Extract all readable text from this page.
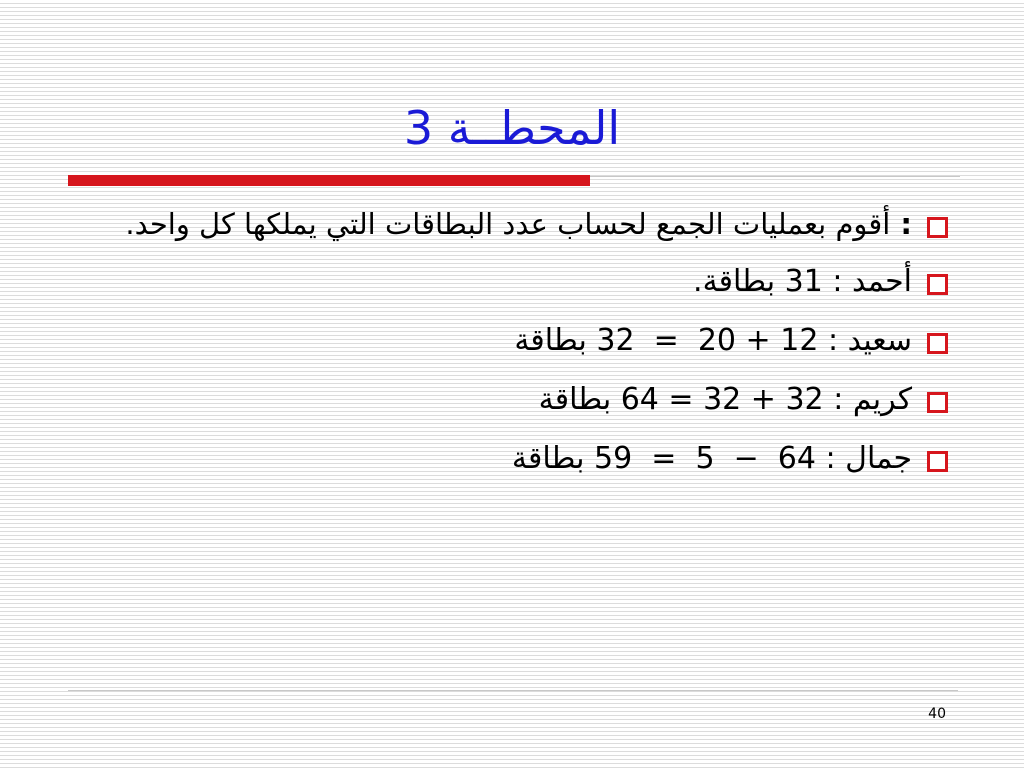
المحطــة 3
: أقوم بعمليات الجمع لحساب عدد البطاقات التي يملكها كل واحد.
أحمد : 31 بطاقة.
سعيد : 32  =  20 + 12 بطاقة
كريم : 64 = 32 + 32 بطاقة
جمال : 59  =  5  −  64 بطاقة
40
